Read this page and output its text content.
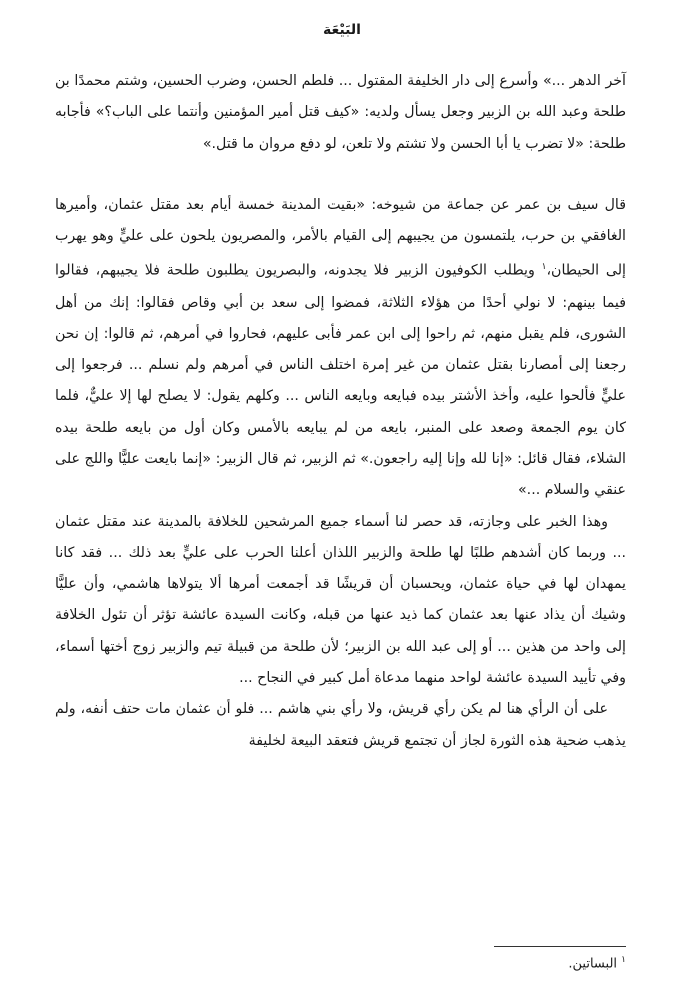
البَيْعَة

آخر الدهر ...» وأسرع إلى دار الخليفة المقتول ... فلطم الحسن، وضرب الحسين، وشتم محمدًا بن طلحة وعبد الله بن الزبير وجعل يسأل ولديه: «كيف قتل أمير المؤمنين وأنتما على الباب؟» فأجابه طلحة: «لا تضرب يا أبا الحسن ولا تشتم ولا تلعن، لو دفع مروان ما قتل.»

قال سيف بن عمر عن جماعة من شيوخه: «بقيت المدينة خمسة أيام بعد مقتل عثمان، وأميرها الغافقي بن حرب، يلتمسون من يجيبهم إلى القيام بالأمر، والمصريون يلحون على عليٍّ وهو يهرب إلى الحيطان،$^١$ ويطلب الكوفيون الزبير فلا يجدونه، والبصريون يطلبون طلحة فلا يجيبهم، فقالوا فيما بينهم: لا نولي أحدًا من هؤلاء الثلاثة، فمضوا إلى سعد بن أبي وقاص فقالوا: إنك من أهل الشورى، فلم يقبل منهم، ثم راحوا إلى ابن عمر فأبى عليهم، فحاروا في أمرهم، ثم قالوا: إن نحن رجعنا إلى أمصارنا بقتل عثمان من غير إمرة اختلف الناس في أمرهم ولم نسلم ... فرجعوا إلى عليٍّ فألحوا عليه، وأخذ الأشتر بيده فبايعه وبايعه الناس ... وكلهم يقول: لا يصلح لها إلا عليٌّ، فلما كان يوم الجمعة وصعد على المنبر، بايعه من لم يبايعه بالأمس وكان أول من بايعه طلحة بيده الشلاء، فقال قائل: «إنا لله وإنا إليه راجعون.» ثم الزبير، ثم قال الزبير: «إنما بايعت عليًّا واللج على عنقي والسلام ...»

وهذا الخبر على وجازته، قد حصر لنا أسماء جميع المرشحين للخلافة بالمدينة عند مقتل عثمان ... وربما كان أشدهم طلبًا لها طلحة والزبير اللذان أعلنا الحرب على عليٍّ بعد ذلك ... فقد كانا يمهدان لها في حياة عثمان، ويحسبان أن قريشًا قد أجمعت أمرها ألا يتولاها هاشمي، وأن عليًّا وشيك أن يذاد عنها بعد عثمان كما ذيد عنها من قبله، وكانت السيدة عائشة تؤثر أن تئول الخلافة إلى واحد من هذين ... أو إلى عبد الله بن الزبير؛ لأن طلحة من قبيلة تيم والزبير زوج أختها أسماء، وفي تأييد السيدة عائشة لواحد منهما مدعاة أمل كبير في النجاح ...

على أن الرأي هنا لم يكن رأي قريش، ولا رأي بني هاشم ... فلو أن عثمان مات حتف أنفه، ولم يذهب ضحية هذه الثورة لجاز أن تجتمع قريش فتعقد البيعة لخليفة

$^١$ البساتين.
